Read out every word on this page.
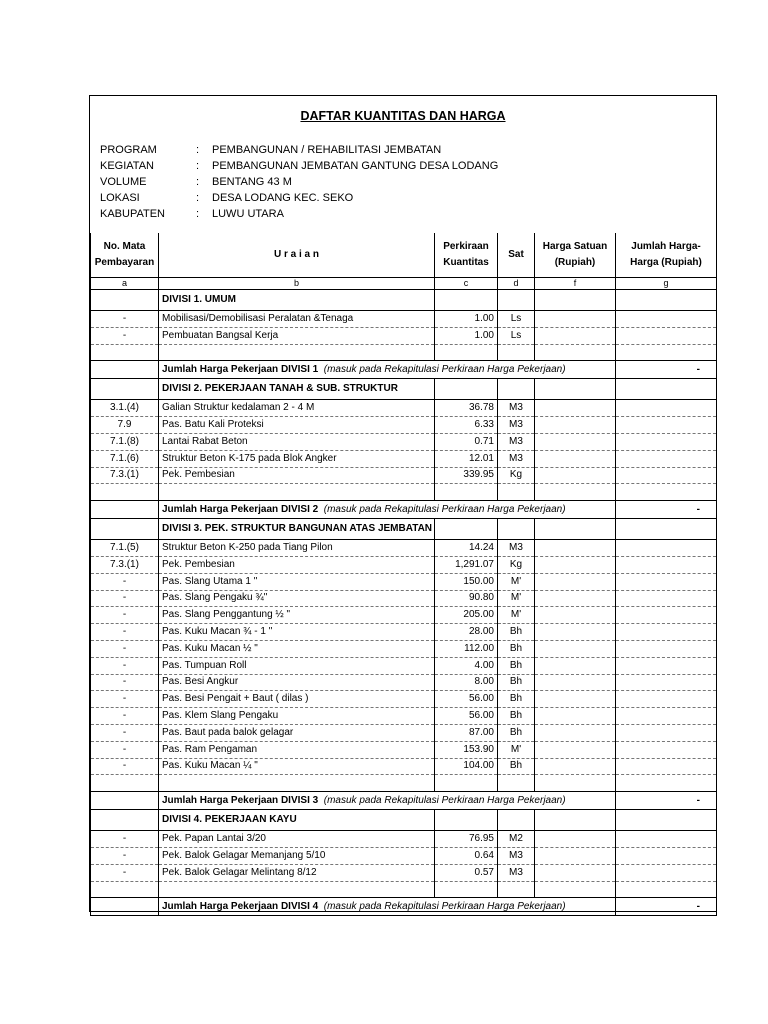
DAFTAR KUANTITAS DAN HARGA
PROGRAM	:	PEMBANGUNAN / REHABILITASI JEMBATAN
KEGIATAN	:	PEMBANGUNAN JEMBATAN GANTUNG DESA LODANG
VOLUME	:	BENTANG 43 M
LOKASI	:	DESA LODANG KEC. SEKO
KABUPATEN	:	LUWU UTARA
No. Mata Pembayaran	U r a i a n	Perkiraan Kuantitas	Sat	Harga Satuan (Rupiah)	Jumlah Harga-Harga (Rupiah)
a	b	c	d	f	g
	DIVISI 1. UMUM				
-	Mobilisasi/Demobilisasi Peralatan &Tenaga	1.00	Ls		
-	Pembuatan Bangsal Kerja	1.00	Ls		

	Jumlah Harga Pekerjaan DIVISI 1 (masuk pada Rekapitulasi Perkiraan Harga Pekerjaan)				-
	DIVISI 2. PEKERJAAN TANAH & SUB. STRUKTUR				
3.1.(4)	Galian Struktur kedalaman 2 - 4 M	36.78	M3		
7.9	Pas. Batu Kali Proteksi	6.33	M3		
7.1.(8)	Lantai Rabat Beton	0.71	M3		
7.1.(6)	Struktur Beton K-175 pada Blok Angker	12.01	M3		
7.3.(1)	Pek. Pembesian	339.95	Kg		

	Jumlah Harga Pekerjaan DIVISI 2 (masuk pada Rekapitulasi Perkiraan Harga Pekerjaan)				-
	DIVISI 3. PEK. STRUKTUR BANGUNAN ATAS JEMBATAN				
7.1.(5)	Struktur Beton K-250 pada Tiang Pilon	14.24	M3		
7.3.(1)	Pek. Pembesian	1,291.07	Kg		
-	Pas. Slang Utama 1 "	150.00	M'		
-	Pas. Slang Pengaku ¾"	90.80	M'		
-	Pas. Slang Penggantung ½ "	205.00	M'		
-	Pas. Kuku Macan ¾ - 1 "	28.00	Bh		
-	Pas. Kuku Macan ½ "	112.00	Bh		
-	Pas. Tumpuan Roll	4.00	Bh		
-	Pas. Besi Angkur	8.00	Bh		
-	Pas. Besi Pengait + Baut ( dilas )	56.00	Bh		
-	Pas. Klem Slang Pengaku	56.00	Bh		
-	Pas. Baut pada balok gelagar	87.00	Bh		
-	Pas. Ram Pengaman	153.90	M'		
-	Pas. Kuku Macan ¼ "	104.00	Bh		

	Jumlah Harga Pekerjaan DIVISI 3 (masuk pada Rekapitulasi Perkiraan Harga Pekerjaan)				-
	DIVISI 4. PEKERJAAN KAYU				
-	Pek. Papan Lantai 3/20	76.95	M2		
-	Pek. Balok Gelagar Memanjang 5/10	0.64	M3		
-	Pek. Balok Gelagar Melintang 8/12	0.57	M3		

	Jumlah Harga Pekerjaan DIVISI 4 (masuk pada Rekapitulasi Perkiraan Harga Pekerjaan)				-
